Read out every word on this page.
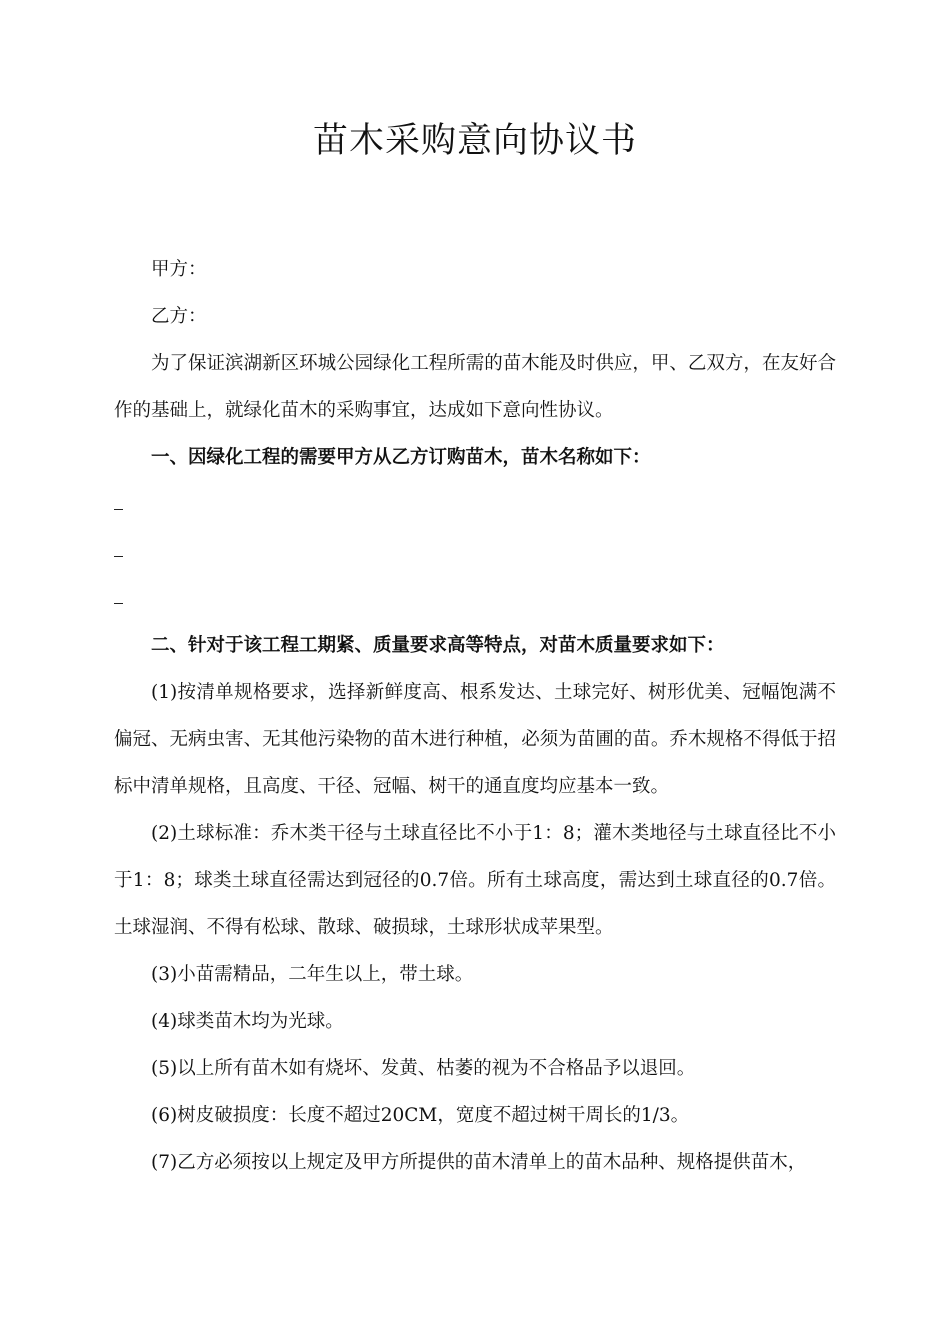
苗木采购意向协议书

甲方：

乙方：

为了保证滨湖新区环城公园绿化工程所需的苗木能及时供应，甲、乙双方，在友好合作的基础上，就绿化苗木的采购事宜，达成如下意向性协议。

一、因绿化工程的需要甲方从乙方订购苗木，苗木名称如下：

二、针对于该工程工期紧、质量要求高等特点，对苗木质量要求如下：

(1)按清单规格要求，选择新鲜度高、根系发达、土球完好、树形优美、冠幅饱满不偏冠、无病虫害、无其他污染物的苗木进行种植，必须为苗圃的苗。乔木规格不得低于招标中清单规格，且高度、干径、冠幅、树干的通直度均应基本一致。

(2)土球标准：乔木类干径与土球直径比不小于1：8；灌木类地径与土球直径比不小于1：8；球类土球直径需达到冠径的0.7倍。所有土球高度，需达到土球直径的0.7倍。土球湿润、不得有松球、散球、破损球，土球形状成苹果型。

(3)小苗需精品，二年生以上，带土球。

(4)球类苗木均为光球。

(5)以上所有苗木如有烧坏、发黄、枯萎的视为不合格品予以退回。

(6)树皮破损度：长度不超过20CM，宽度不超过树干周长的1/3。

(7)乙方必须按以上规定及甲方所提供的苗木清单上的苗木品种、规格提供苗木，
